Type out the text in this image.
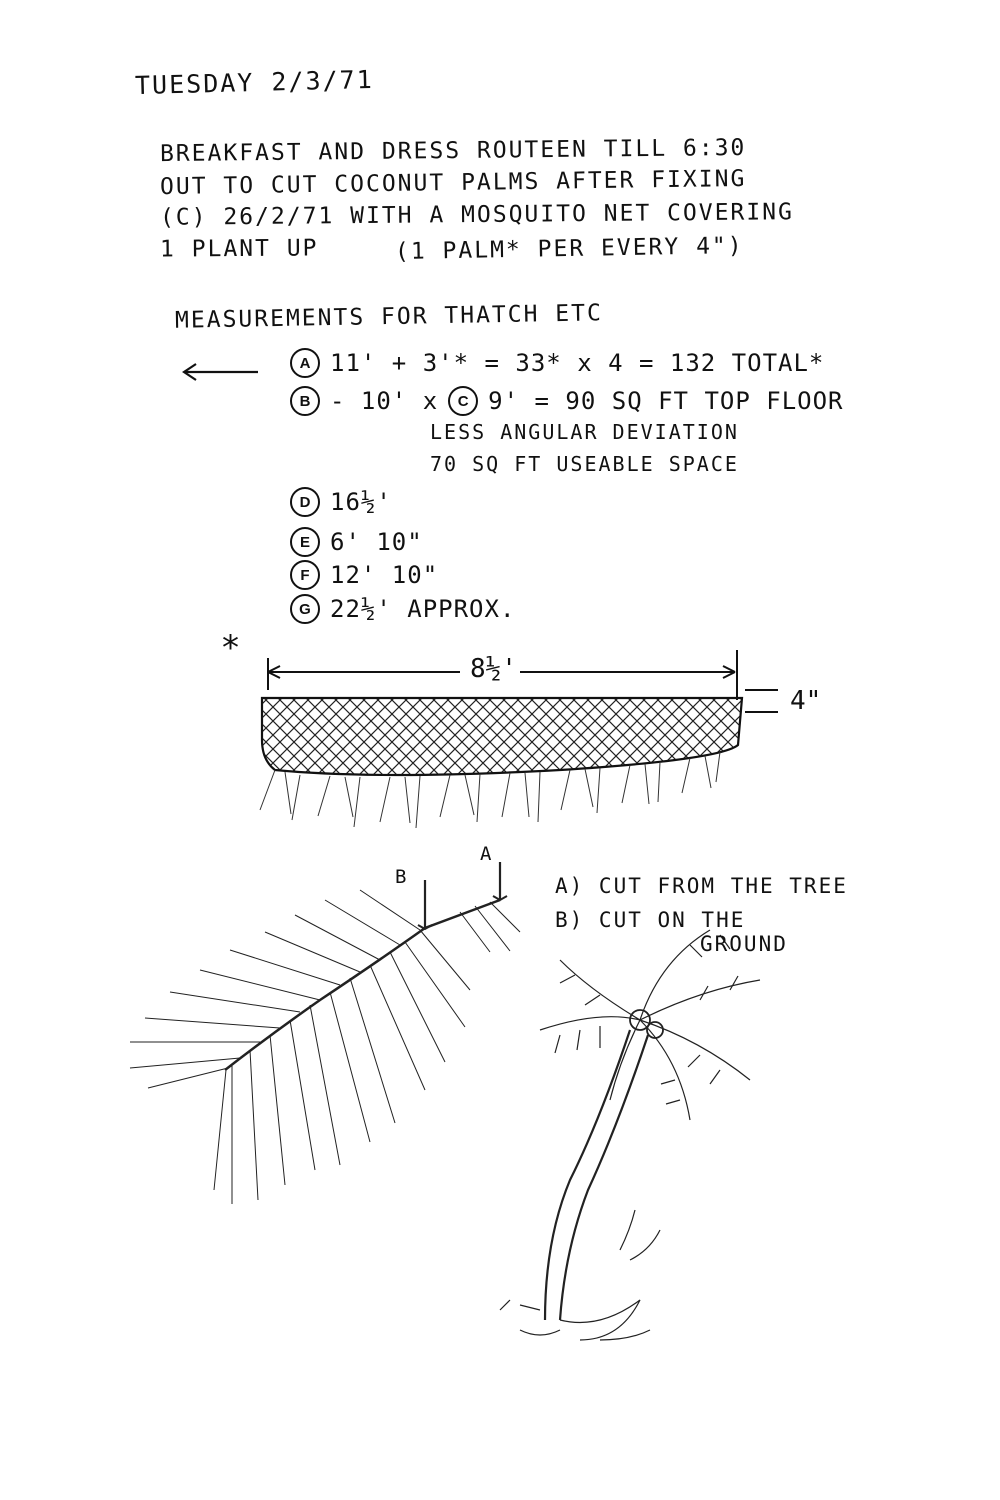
TUESDAY 2/3/71
BREAKFAST AND DRESS ROUTEEN TILL 6:30
OUT TO CUT COCONUT PALMS AFTER FIXING
(C) 26/2/71 WITH A MOSQUITO NET COVERING
1 PLANT UP	(1 PALM* PER EVERY 4")
MEASUREMENTS FOR THATCH ETC
A 11' + 3'* = 33* x 4 = 132 TOTAL*
B - 10' x	C 9' = 90 SQ FT TOP FLOOR
LESS ANGULAR DEVIATION
70 SQ FT USEABLE SPACE
D 16½'
E 6' 10"
F 12' 10"
G 22½' APPROX.
*
8½'
4"
A
B	A) CUT FROM THE TREE
B) CUT ON THE
GROUND
